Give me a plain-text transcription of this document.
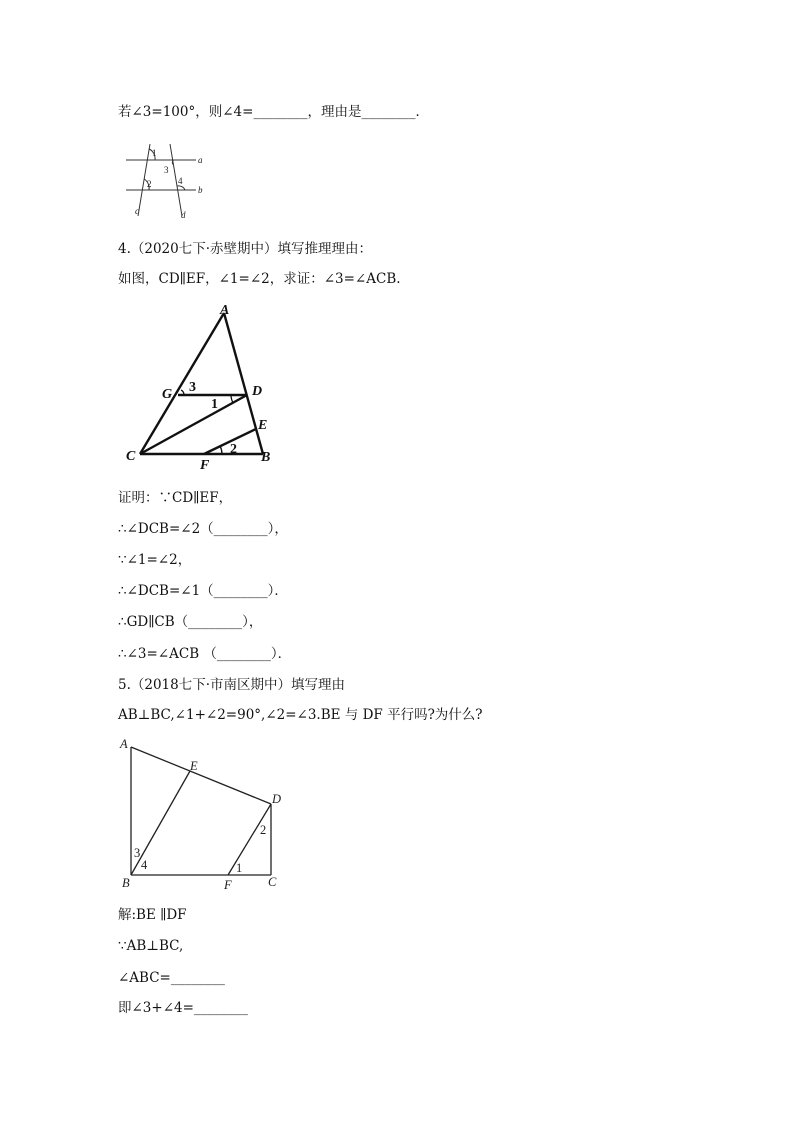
若∠3=100°，则∠4=________，理由是________．
1
3
2	4
a
b
c	d
4.（2020七下·赤壁期中）填写推理理由：
如图，CD∥EF，∠1=∠2，求证：∠3=∠ACB.
A
G 3	D
1
E
C
F
2
B
证明：∵CD∥EF，
∴∠DCB=∠2（________），
∵∠1=∠2，
∴∠DCB=∠1（________）．
∴GD∥CB（________），
∴∠3=∠ACB （________）．
5.（2018七下·市南区期中）填写理由
AB⊥BC,∠1+∠2=90°,∠2=∠3.BE 与 DF 平行吗?为什么?
A
E
D
2
3
4	1
B	F	C
解:BE ∥DF
∵AB⊥BC,
∠ABC=________
即∠3+∠4=________
